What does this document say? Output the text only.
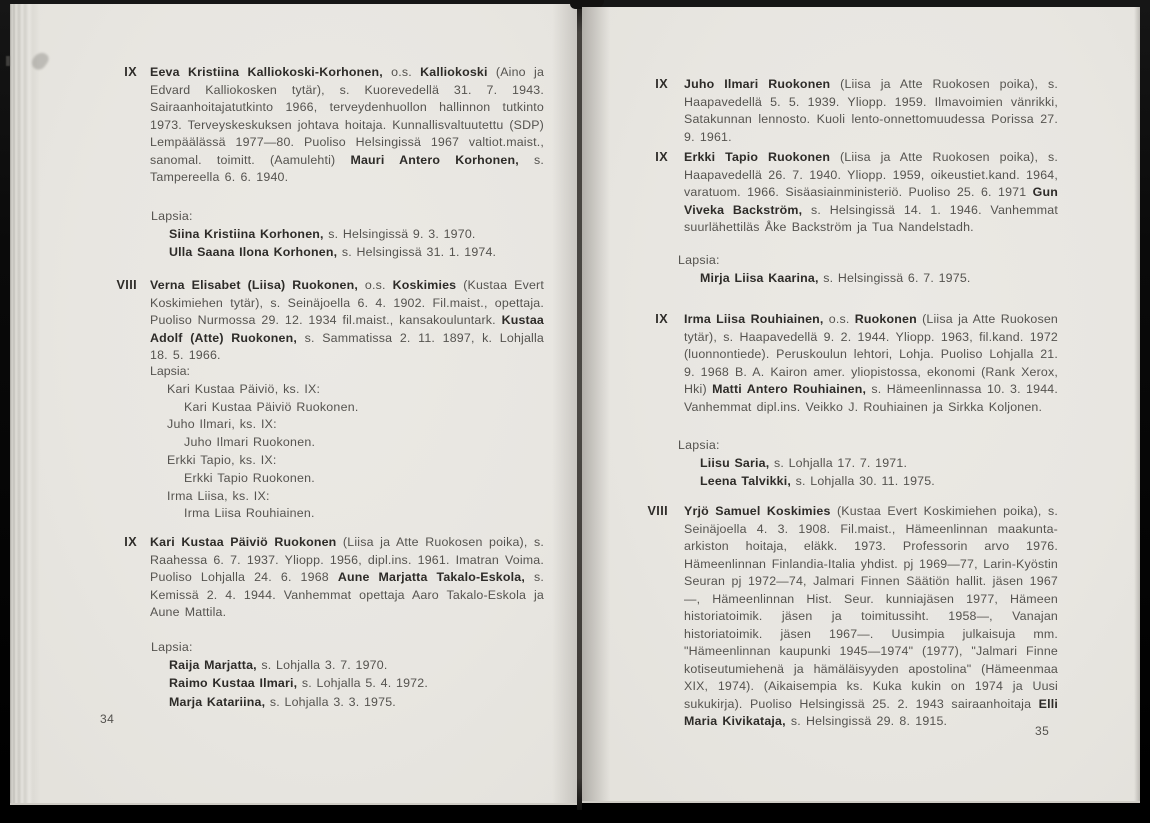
IX Eeva Kristiina Kalliokoski-Korhonen, o.s. Kalliokoski (Aino ja Edvard Kalliokosken tytär), s. Kuorevedellä 31. 7. 1943. Sairaanhoitajatutkinto 1966, terveydenhuollon hallinnon tutkinto 1973. Terveyskeskuksen johtava hoitaja. Kunnallisvaltuutettu (SDP) Lempäälässä 1977—80. Puoliso Helsingissä 1967 valtiot.maist., sanomal. toimitt. (Aamulehti) Mauri Antero Korhonen, s. Tampereella 6. 6. 1940.
Lapsia:
Siina Kristiina Korhonen, s. Helsingissä 9. 3. 1970.
Ulla Saana Ilona Korhonen, s. Helsingissä 31. 1. 1974.
VIII Verna Elisabet (Liisa) Ruokonen, o.s. Koskimies (Kustaa Evert Koskimiehen tytär), s. Seinäjoella 6. 4. 1902. Fil.maist., opettaja. Puoliso Nurmossa 29. 12. 1934 fil.maist., kansakouluntark. Kustaa Adolf (Atte) Ruokonen, s. Sammatissa 2. 11. 1897, k. Lohjalla 18. 5. 1966.
Lapsia:
Kari Kustaa Päiviö, ks. IX:
Kari Kustaa Päiviö Ruokonen.
Juho Ilmari, ks. IX:
Juho Ilmari Ruokonen.
Erkki Tapio, ks. IX:
Erkki Tapio Ruokonen.
Irma Liisa, ks. IX:
Irma Liisa Rouhiainen.
IX Kari Kustaa Päiviö Ruokonen (Liisa ja Atte Ruokosen poika), s. Raahessa 6. 7. 1937. Yliopp. 1956, dipl.ins. 1961. Imatran Voima. Puoliso Lohjalla 24. 6. 1968 Aune Marjatta Takalo-Eskola, s. Kemissä 2. 4. 1944. Vanhemmat opettaja Aaro Takalo-Eskola ja Aune Mattila.
Lapsia:
Raija Marjatta, s. Lohjalla 3. 7. 1970.
Raimo Kustaa Ilmari, s. Lohjalla 5. 4. 1972.
Marja Katariina, s. Lohjalla 3. 3. 1975.
34
IX Juho Ilmari Ruokonen (Liisa ja Atte Ruokosen poika), s. Haapavedellä 5. 5. 1939. Yliopp. 1959. Ilmavoimien vänrikki, Satakunnan lennosto. Kuoli lento-onnettomuudessa Porissa 27. 9. 1961.
IX Erkki Tapio Ruokonen (Liisa ja Atte Ruokosen poika), s. Haapavedellä 26. 7. 1940. Yliopp. 1959, oikeustiet.kand. 1964, varatuom. 1966. Sisäasiainministeriö. Puoliso 25. 6. 1971 Gun Viveka Backström, s. Helsingissä 14. 1. 1946. Vanhemmat suurlähettiläs Åke Backström ja Tua Nandelstadh.
Lapsia:
Mirja Liisa Kaarina, s. Helsingissä 6. 7. 1975.
IX Irma Liisa Rouhiainen, o.s. Ruokonen (Liisa ja Atte Ruokosen tytär), s. Haapavedellä 9. 2. 1944. Yliopp. 1963, fil.kand. 1972 (luonnontiede). Peruskoulun lehtori, Lohja. Puoliso Lohjalla 21. 9. 1968 B. A. Kairon amer. yliopistossa, ekonomi (Rank Xerox, Hki) Matti Antero Rouhiainen, s. Hämeenlinnassa 10. 3. 1944. Vanhemmat dipl.ins. Veikko J. Rouhiainen ja Sirkka Koljonen.
Lapsia:
Liisu Saria, s. Lohjalla 17. 7. 1971.
Leena Talvikki, s. Lohjalla 30. 11. 1975.
VIII Yrjö Samuel Koskimies (Kustaa Evert Koskimiehen poika), s. Seinäjoella 4. 3. 1908. Fil.maist., Hämeenlinnan maakunta-arkiston hoitaja, eläkk. 1973. Professorin arvo 1976. Hämeenlinnan Finlandia-Italia yhdist. pj 1969—77, Larin-Kyöstin Seuran pj 1972—74, Jalmari Finnen Säätiön hallit. jäsen 1967—, Hämeenlinnan Hist. Seur. kunniajäsen 1977, Hämeen historiatoimik. jäsen ja toimitussiht. 1958—, Vanajan historiatoimik. jäsen 1967—. Uusimpia julkaisuja mm. "Hämeenlinnan kaupunki 1945—1974" (1977), "Jalmari Finne kotiseutumiehenä ja hämäläisyyden apostolina" (Hämeenmaa XIX, 1974). (Aikaisempia ks. Kuka kukin on 1974 ja Uusi sukukirja). Puoliso Helsingissä 25. 2. 1943 sairaanhoitaja Elli Maria Kivikataja, s. Helsingissä 29. 8. 1915.
35
